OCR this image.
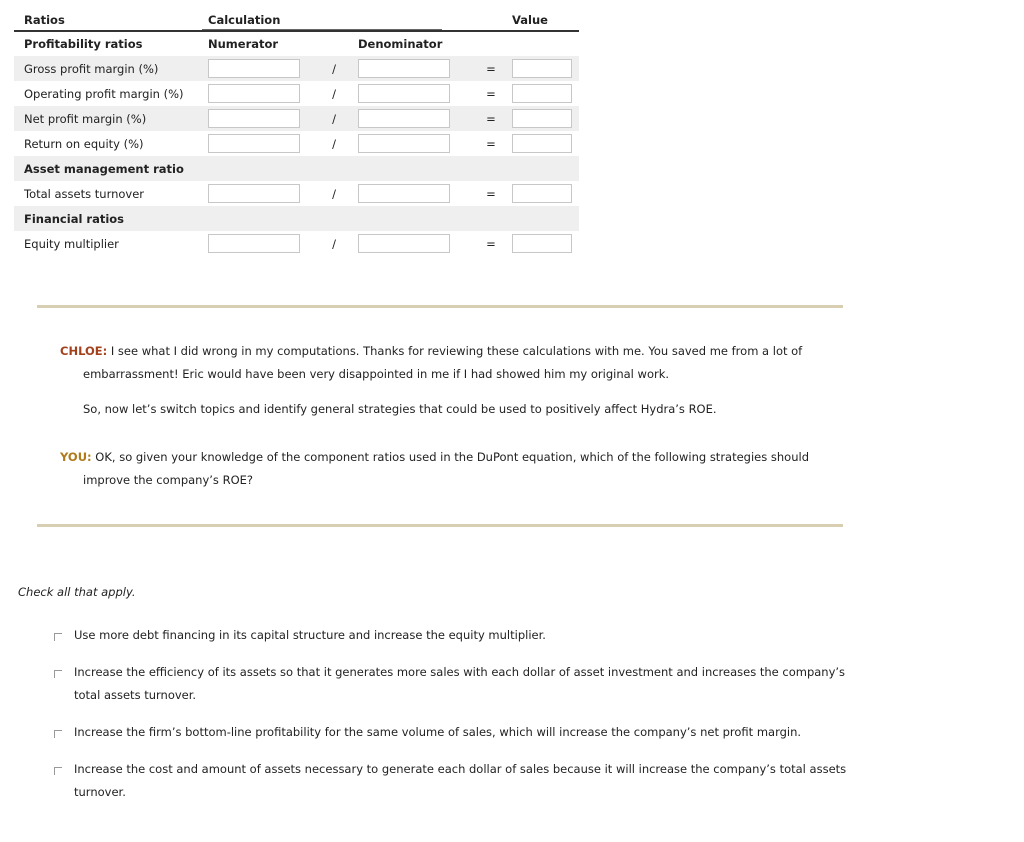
Ratios	Calculation				Value
Profitability ratios	Numerator		Denominator		
Gross profit margin (%)		/		=	

Operating profit margin (%)		/		=	

Net profit margin (%)		/		=	

Return on equity (%)		/		=	

Asset management ratio					
Total assets turnover		/		=	

Financial ratios					
Equity multiplier		/		=	

CHLOE: I see what I did wrong in my computations. Thanks for reviewing these calculations with me. You saved me from a lot of

embarrassment! Eric would have been very disappointed in me if I had showed him my original work.

So, now let’s switch topics and identify general strategies that could be used to positively affect Hydra’s ROE.

YOU: OK, so given your knowledge of the component ratios used in the DuPont equation, which of the following strategies should

improve the company’s ROE?

Check all that apply.
Use more debt financing in its capital structure and increase the equity multiplier.
Increase the efficiency of its assets so that it generates more sales with each dollar of asset investment and increases the company’s total assets turnover.
Increase the firm’s bottom-line profitability for the same volume of sales, which will increase the company’s net profit margin.
Increase the cost and amount of assets necessary to generate each dollar of sales because it will increase the company’s total assets turnover.
